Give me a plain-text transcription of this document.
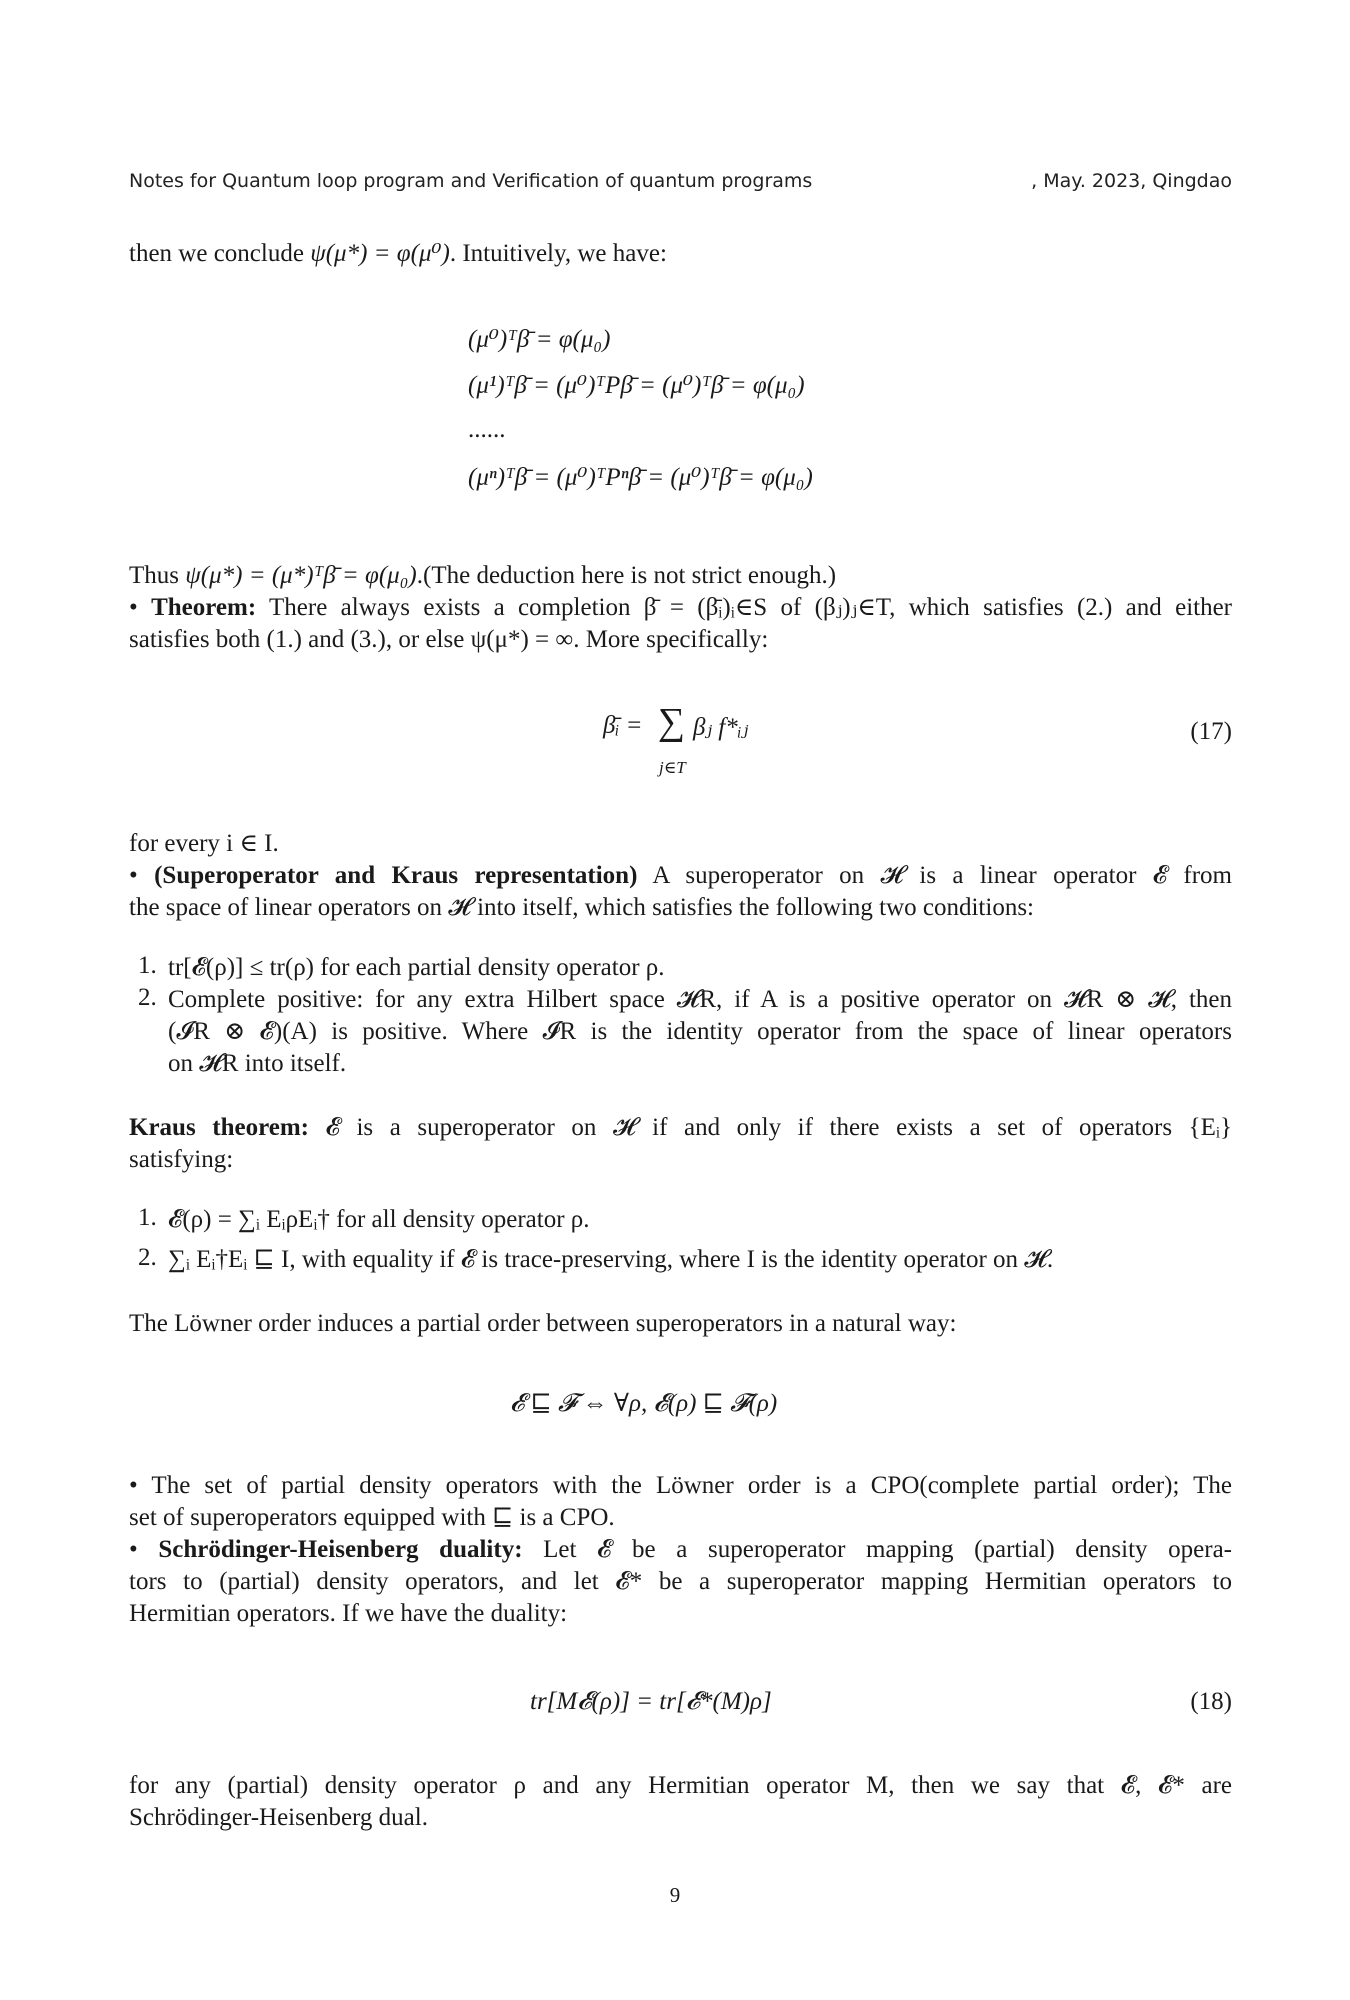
Notes for Quantum loop program and Verification of quantum programs	, May. 2023, Qingdao
then we conclude ψ(μ*) = φ(μ⁰). Intuitively, we have:
(μ⁰)ᵀβ̄ = φ(μ₀)
(μ¹)ᵀβ̄ = (μ⁰)ᵀPβ̄ = (μ⁰)ᵀβ̄ = φ(μ₀)
......
(μⁿ)ᵀβ̄ = (μ⁰)ᵀPⁿβ̄ = (μ⁰)ᵀβ̄ = φ(μ₀)
Thus ψ(μ*) = (μ*)ᵀβ̄ = φ(μ₀).(The deduction here is not strict enough.)
• Theorem: There always exists a completion β̄ = (β̄ᵢ)ᵢ∈S of (βⱼ)ⱼ∈T, which satisfies (2.) and either
satisfies both (1.) and (3.), or else ψ(μ*) = ∞. More specifically:
β̄ᵢ = ∑
j∈T
βⱼ f*ᵢⱼ	(17)
for every i ∈ I.
• (Superoperator and Kraus representation) A superoperator on 𝓗 is a linear operator 𝓔 from
the space of linear operators on 𝓗 into itself, which satisfies the following two conditions:
1. tr[𝓔(ρ)] ≤ tr(ρ) for each partial density operator ρ.
2. Complete positive: for any extra Hilbert space 𝓗R, if A is a positive operator on 𝓗R ⊗ 𝓗, then
(𝓘R ⊗ 𝓔)(A) is positive. Where 𝓘R is the identity operator from the space of linear operators
on 𝓗R into itself.
Kraus theorem: 𝓔 is a superoperator on 𝓗 if and only if there exists a set of operators {Eᵢ}
satisfying:
1. 𝓔(ρ) = ∑ᵢ EᵢρEᵢ† for all density operator ρ.
2. ∑ᵢ Eᵢ†Eᵢ ⊑ I, with equality if 𝓔 is trace-preserving, where I is the identity operator on 𝓗.
The Löwner order induces a partial order between superoperators in a natural way:
𝓔 ⊑ 𝓕 ⇔ ∀ρ, 𝓔(ρ) ⊑ 𝓕(ρ)
• The set of partial density operators with the Löwner order is a CPO(complete partial order); The
set of superoperators equipped with ⊑ is a CPO.
• Schrödinger-Heisenberg duality: Let 𝓔 be a superoperator mapping (partial) density opera-
tors to (partial) density operators, and let 𝓔* be a superoperator mapping Hermitian operators to
Hermitian operators. If we have the duality:
tr[M𝓔(ρ)] = tr[𝓔*(M)ρ]	(18)
for any (partial) density operator ρ and any Hermitian operator M, then we say that 𝓔, 𝓔* are
Schrödinger-Heisenberg dual.
9
